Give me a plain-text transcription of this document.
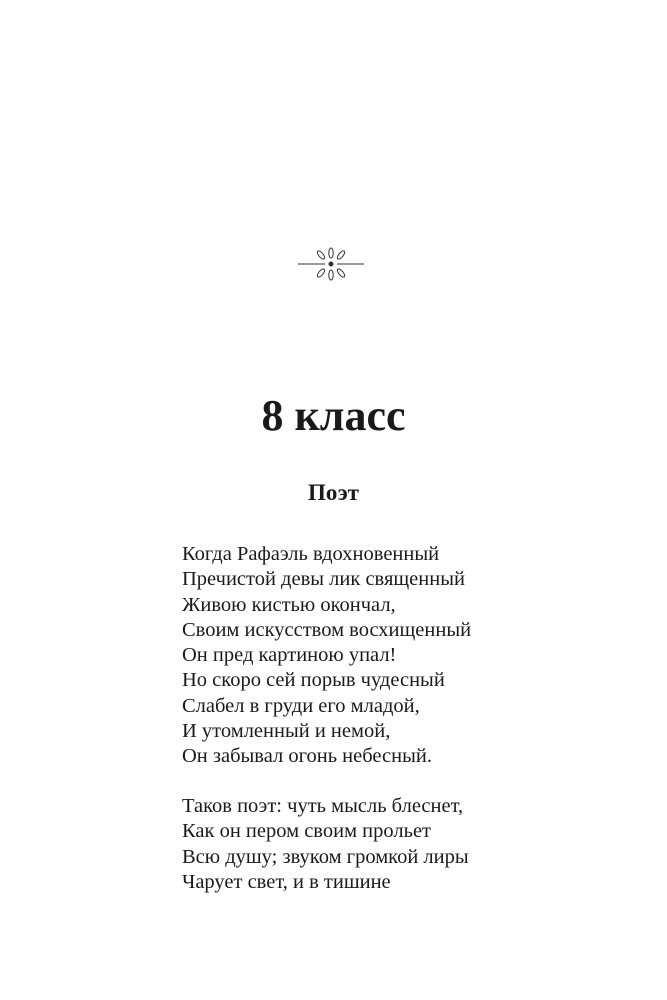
8 класс
Поэт
Когда Рафаэль вдохновенный
Пречистой девы лик священный
Живою кистью окончал,
Своим искусством восхищенный
Он пред картиною упал!
Но скоро сей порыв чудесный
Слабел в груди его младой,
И утомленный и немой,
Он забывал огонь небесный.
Таков поэт: чуть мысль блеснет,
Как он пером своим прольет
Всю душу; звуком громкой лиры
Чарует свет, и в тишине
